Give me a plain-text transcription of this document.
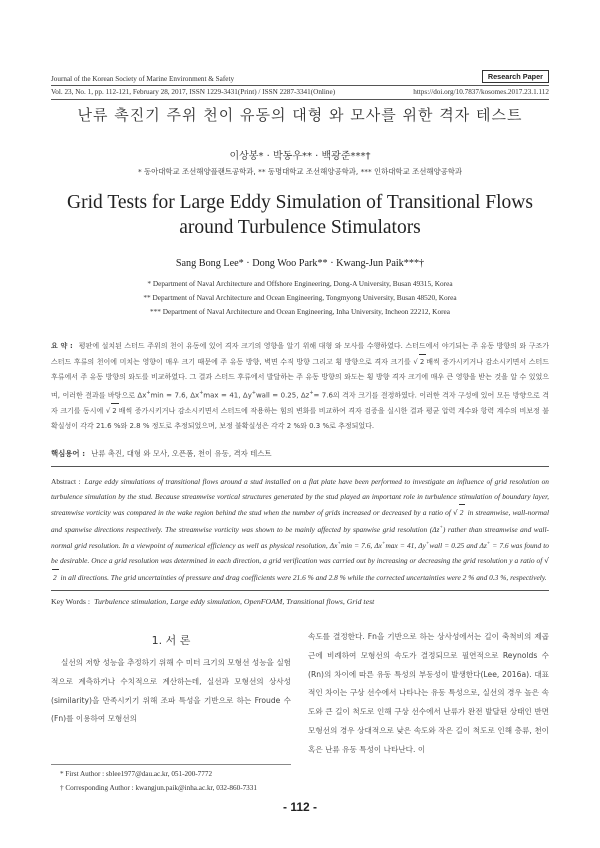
Journal of the Korean Society of Marine Environment & Safety	Research Paper
Vol. 23, No. 1, pp. 112-121, February 28, 2017, ISSN 1229-3431(Print) / ISSN 2287-3341(Online)	https://doi.org/10.7837/kosomes.2017.23.1.112
난류 촉진기 주위 천이 유동의 대형 와 모사를 위한 격자 테스트
이상봉* · 박동우** · 백광준***†
* 동아대학교 조선해양플랜트공학과, ** 동명대학교 조선해양공학과, *** 인하대학교 조선해양공학과
Grid Tests for Large Eddy Simulation of Transitional Flows around Turbulence Stimulators
Sang Bong Lee* · Dong Woo Park** · Kwang-Jun Paik***†
* Department of Naval Architecture and Offshore Engineering, Dong-A University, Busan 49315, Korea
** Department of Naval Architecture and Ocean Engineering, Tongmyong University, Busan 48520, Korea
*** Department of Naval Architecture and Ocean Engineering, Inha University, Incheon 22212, Korea
요 약 : 평판에 설치된 스터드 주위의 천이 유동에 있어 격자 크기의 영향을 알기 위해 대형 와 모사를 수행하였다. 스터드에서 야기되는 주 유동 방향의 와 구조가 스터드 후류의 천이에 미치는 영향이 매우 크기 때문에 주 유동 방향, 벽면 수직 방향 그리고 횡 방향으로 격자 크기를 √ 2 배씩 증가시키거나 감소시키면서 스터드 후류에서 주 유동 방향의 와도를 비교하였다. 그 결과 스터드 후류에서 발달하는 주 유동 방향의 와도는 횡 방향 격자 크기에 매우 큰 영향을 받는 것을 알 수 있었으며, 이러한 결과를 바탕으로 Δx+min = 7.6, Δx+max = 41, Δy+wall = 0.25, Δz+= 7.6의 격자 크기를 결정하였다. 이러한 격자 구성에 있어 모든 방향으로 격자 크기를 동시에 √ 2 배씩 증가시키거나 감소시키면서 스터드에 작용하는 힘의 변화를 비교하여 격자 검증을 실시한 결과 평균 압력 계수와 항력 계수의 비보정 불확실성이 각각 21.6 %와 2.8 % 정도로 추정되었으며, 보정 불확실성은 각각 2 %와 0.3 %로 추정되었다.
핵심용어 : 난류 촉진, 대형 와 모사, 오픈폼, 천이 유동, 격자 테스트
Abstract : Large eddy simulations of transitional flows around a stud installed on a flat plate have been performed to investigate an influence of grid resolution on turbulence simulation by the stud. Because streamwise vortical structures generated by the stud played an important role in turbulence stimulation of boundary layer, streamwise vorticity was compared in the wake region behind the stud when the number of grids increased or decreased by a ratio of √ 2 in streamwise, wall-normal and spanwise directions respectively. The streamwise vorticity was shown to be mainly affected by spanwise grid resolution (Δz+) rather than streamwise and wall-normal grid resolution. In a viewpoint of numerical efficiency as well as physical resolution, Δx+min = 7.6, Δx+max = 41, Δy+wall = 0.25 and Δz+ = 7.6 was found to be desirable. Once a grid resolution was determined in each direction, a grid verification was carried out by increasing or decreasing the grid resolution y a ratio of √2 in all directions. The grid uncertainties of pressure and drag coefficients were 21.6 % and 2.8 % while the corrected uncertainties were 2 % and 0.3 %, respectively.
Key Words : Turbulence stimulation, Large eddy simulation, OpenFOAM, Transitional flows, Grid test
1. 서 론
실선의 저항 성능을 추정하기 위해 수 미터 크기의 모형선 성능을 실험적으로 계측하거나 수치적으로 계산하는데, 실선과 모형선의 상사성(similarity)을 만족시키기 위해 조파 특성을 기반으로 하는 Froude 수(Fn)를 이용하여 모형선의
속도를 결정한다. Fn을 기반으로 하는 상사성에서는 길이 축척비의 제곱근에 비례하여 모형선의 속도가 결정되므로 필연적으로 Reynolds 수(Rn)의 차이에 따른 유동 특성의 부동성이 발생한다(Lee, 2016a). 대표적인 차이는 구상 선수에서 나타나는 유동 특성으로, 실선의 경우 높은 속도와 큰 길이 척도로 인해 구상 선수에서 난류가 완전 발달된 상태인 반면 모형선의 경우 상대적으로 낮은 속도와 작은 길이 척도로 인해 층류, 천이 혹은 난류 유동 특성이 나타난다. 이
* First Author : sblee1977@dau.ac.kr, 051-200-7772
† Corresponding Author : kwangjun.paik@inha.ac.kr, 032-860-7331
- 112 -
